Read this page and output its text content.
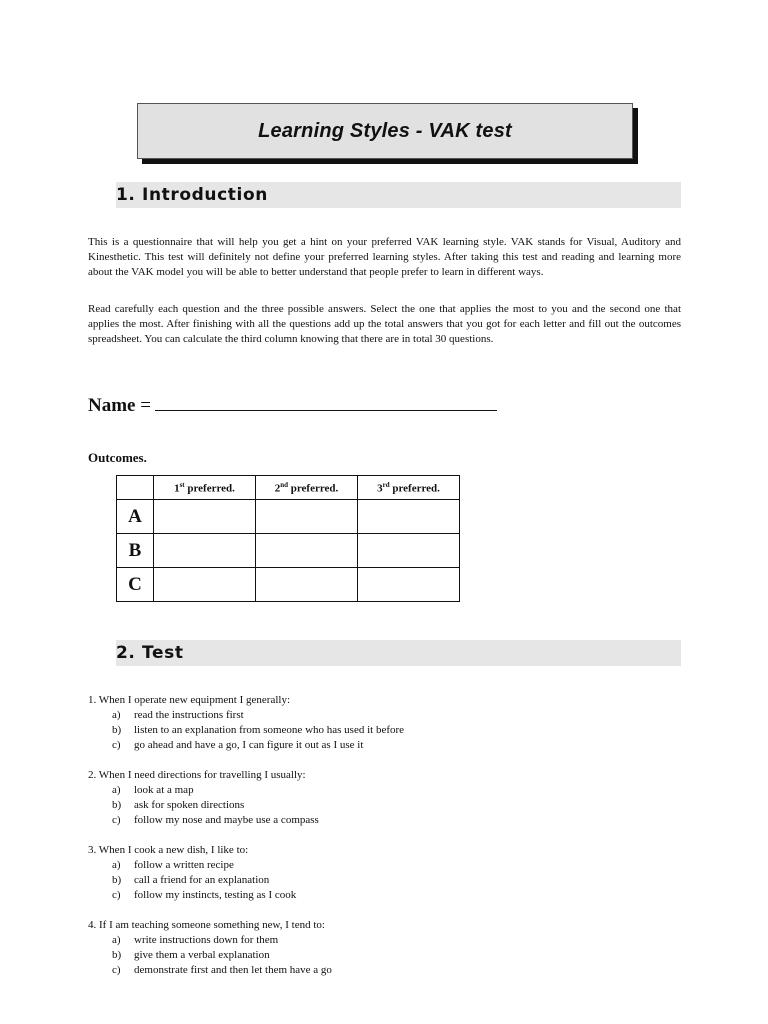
Learning Styles - VAK test
1. Introduction
This is a questionnaire that will help you get a hint on your preferred VAK learning style. VAK stands for Visual, Auditory and Kinesthetic. This test will definitely not define your preferred learning styles. After taking this test and reading and learning more about the VAK model you will be able to better understand that people prefer to learn in different ways.
Read carefully each question and the three possible answers. Select the one that applies the most to you and the second one that applies the most. After finishing with all the questions add up the total answers that you got for each letter and fill out the outcomes spreadsheet. You can calculate the third column knowing that there are in total 30 questions.
Name =
Outcomes.
	1st preferred.	2nd preferred.	3rd preferred.
A			
B			
C			
2. Test
1. When I operate new equipment I generally:
a)	read the instructions first
b)	listen to an explanation from someone who has used it before
c)	go ahead and have a go, I can figure it out as I use it
2. When I need directions for travelling I usually:
a)	look at a map
b)	ask for spoken directions
c)	follow my nose and maybe use a compass
3. When I cook a new dish, I like to:
a)	follow a written recipe
b)	call a friend for an explanation
c)	follow my instincts, testing as I cook
4. If I am teaching someone something new, I tend to:
a)	write instructions down for them
b)	give them a verbal explanation
c)	demonstrate first and then let them have a go
